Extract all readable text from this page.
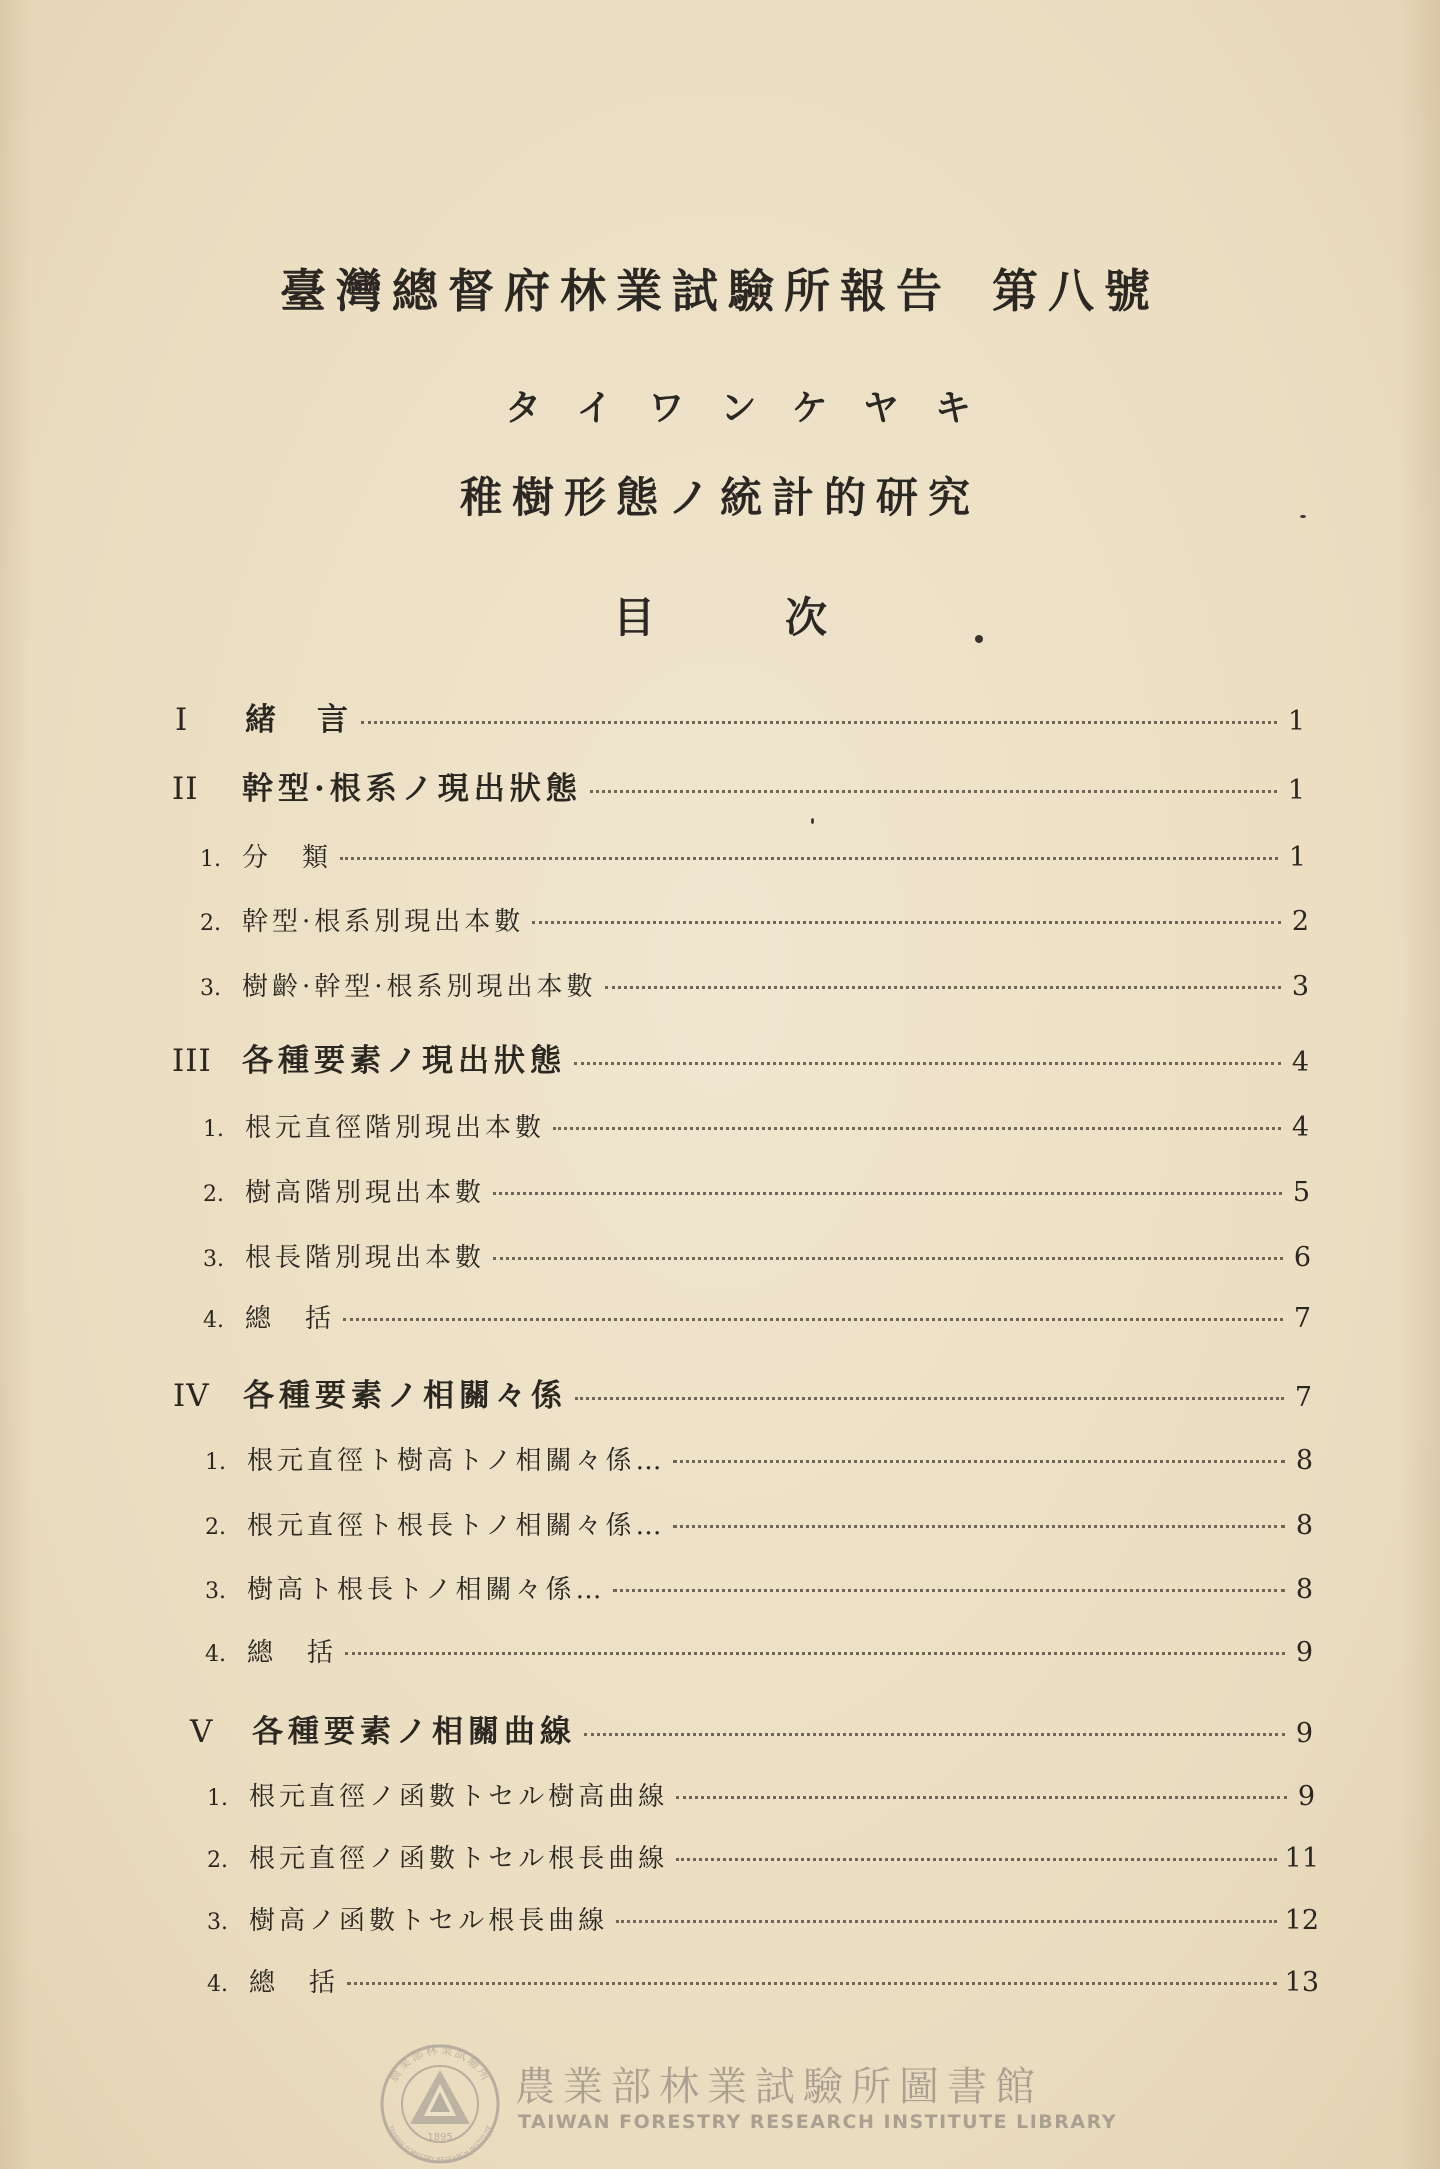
臺灣總督府林業試驗所報告 第八號
タイワンケヤキ
稚樹形態ノ統計的研究
目	次
I	緒　言	1
II	幹型·根系ノ現出狀態	1
1. 分　類	1
2. 幹型·根系別現出本數	2
3. 樹齡·幹型·根系別現出本數	3
III 各種要素ノ現出狀態	4
1. 根元直徑階別現出本數	4
2. 樹高階別現出本數	5
3. 根長階別現出本數	6
4. 總　括	7
IV	各種要素ノ相關々係	7
1. 根元直徑ト樹高トノ相關々係…	8
2. 根元直徑ト根長トノ相關々係…	8
3. 樹高ト根長トノ相關々係…	8
4. 總　括	9
V	各種要素ノ相關曲線	9
1. 根元直徑ノ函數トセル樹高曲線	9
2. 根元直徑ノ函數トセル根長曲線	11
3. 樹高ノ函數トセル根長曲線	12
4. 總　括	13
農業部林業試驗所
TAIWAN FORESTRY RESEARCH INSTITUTE
1895
農業部林業試驗所圖書館
TAIWAN FORESTRY RESEARCH INSTITUTE LIBRARY
